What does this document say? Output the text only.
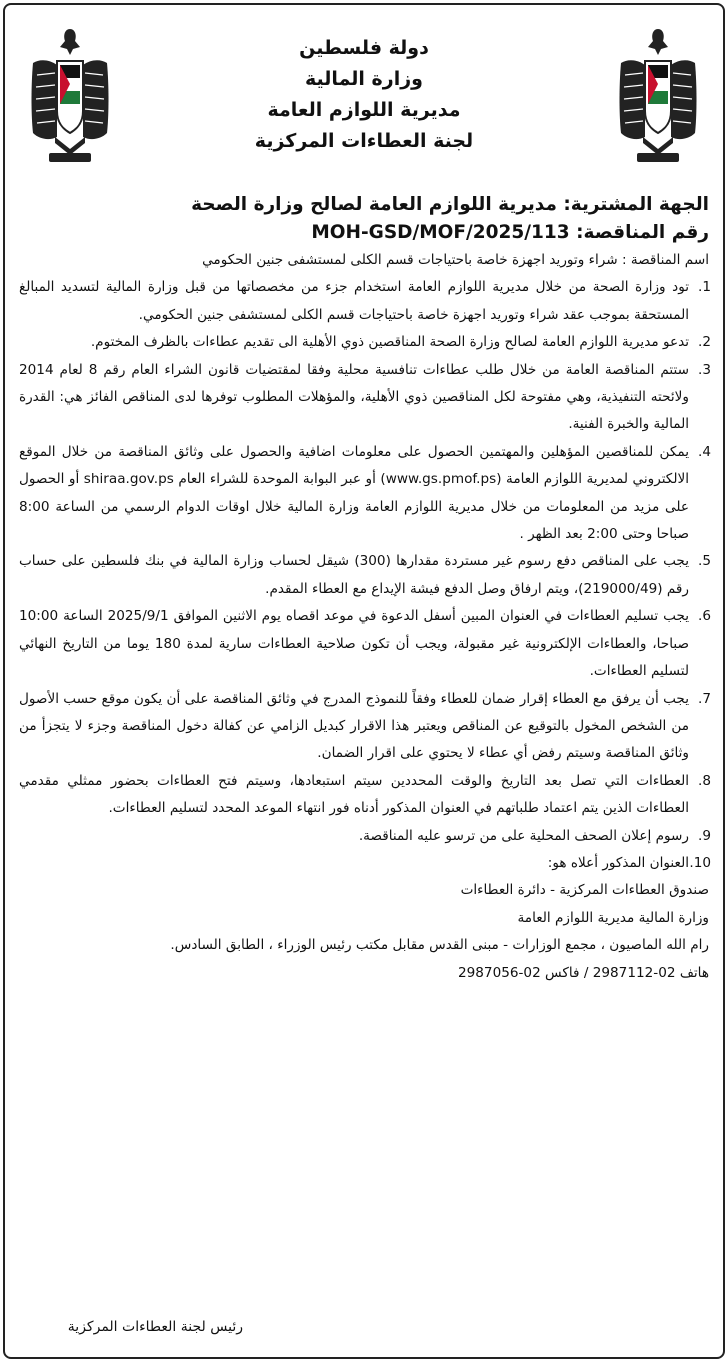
دولة فلسطين
وزارة المالية
مديرية اللوازم العامة
لجنة العطاءات المركزية
الجهة المشترية: مديرية اللوازم العامة لصالح وزارة الصحة
رقم المناقصة: MOH-GSD/MOF/2025/113
اسم المناقصة : شراء وتوريد اجهزة خاصة باحتياجات قسم الكلى لمستشفى جنين الحكومي
1.
تود وزارة الصحة من خلال مديرية اللوازم العامة استخدام جزء من مخصصاتها من قبل وزارة المالية لتسديد المبالغ المستحقة بموجب عقد شراء وتوريد اجهزة خاصة باحتياجات قسم الكلى لمستشفى جنين الحكومي.
2.
تدعو مديرية اللوازم العامة لصالح وزارة الصحة المناقصين ذوي الأهلية الى تقديم عطاءات بالظرف المختوم.
3.
ستتم المناقصة العامة من خلال طلب عطاءات تنافسية محلية وفقا لمقتضيات قانون الشراء العام رقم 8 لعام 2014 ولائحته التنفيذية، وهي مفتوحة لكل المناقصين ذوي الأهلية، والمؤهلات المطلوب توفرها لدى المناقص الفائز هي: القدرة المالية والخبرة الفنية.
4.
يمكن للمناقصين المؤهلين والمهتمين الحصول على معلومات اضافية والحصول على وثائق المناقصة من خلال الموقع الالكتروني لمديرية اللوازم العامة (www.gs.pmof.ps) أو عبر البوابة الموحدة للشراء العام shiraa.gov.ps أو الحصول على مزيد من المعلومات من خلال مديرية اللوازم العامة وزارة المالية خلال اوقات الدوام الرسمي من الساعة 8:00 صباحا وحتى 2:00 بعد الظهر .
5.
يجب على المناقص دفع رسوم غير مستردة مقدارها (300) شيقل لحساب وزارة المالية في بنك فلسطين على حساب رقم (219000/49)، ويتم ارفاق وصل الدفع فيشة الإيداع مع العطاء المقدم.
6.
يجب تسليم العطاءات في العنوان المبين أسفل الدعوة في موعد اقصاه يوم الاثنين الموافق 2025/9/1 الساعة 10:00 صباحا، والعطاءات الإلكترونية غير مقبولة، ويجب أن تكون صلاحية العطاءات سارية لمدة 180 يوما من التاريخ النهائي لتسليم العطاءات.
7.
يجب أن يرفق مع العطاء إقرار ضمان للعطاء وفقاً للنموذج المدرج في وثائق المناقصة على أن يكون موقع حسب الأصول من الشخص المخول بالتوقيع عن المناقص ويعتبر هذا الاقرار كبديل الزامي عن كفالة دخول المناقصة وجزء لا يتجزأ من وثائق المناقصة وسيتم رفض أي عطاء لا يحتوي على اقرار الضمان.
8.
العطاءات التي تصل بعد التاريخ والوقت المحددين سيتم استبعادها، وسيتم فتح العطاءات بحضور ممثلي مقدمي العطاءات الذين يتم اعتماد طلباتهم في العنوان المذكور أدناه فور انتهاء الموعد المحدد لتسليم العطاءات.
9.
رسوم إعلان الصحف المحلية على من ترسو عليه المناقصة.
10.
العنوان المذكور أعلاه هو:
صندوق العطاءات المركزية - دائرة العطاءات
وزارة المالية مديرية اللوازم العامة
رام الله الماصيون ، مجمع الوزارات - مبنى القدس مقابل مكتب رئيس الوزراء ، الطابق السادس.
هاتف 02-2987112 / فاكس 02-2987056
رئيس لجنة العطاءات المركزية
